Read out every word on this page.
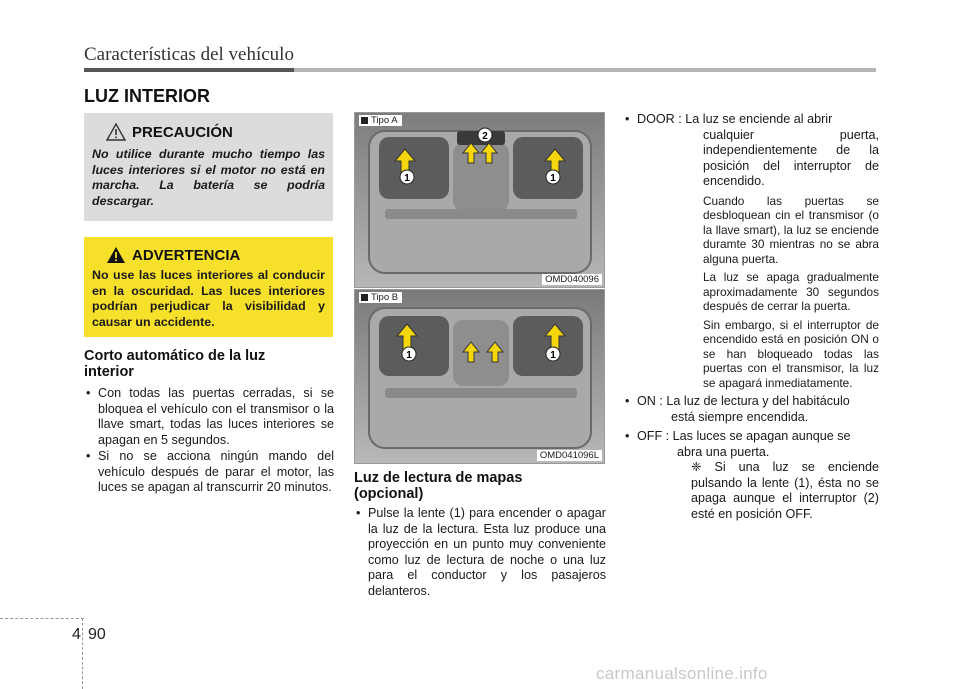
Características del vehículo
LUZ INTERIOR
PRECAUCIÓN
No utilice durante mucho tiempo las luces interiores si el motor no está en marcha. La batería se podría descargar.
ADVERTENCIA
No use las luces interiores al conducir en la oscuridad. Las luces interiores podrían perjudicar la visibilidad y causar un accidente.
Corto automático de la luz
interior
• Con todas las puertas cerradas, si se bloquea el vehículo con el transmisor o la llave smart, todas las luces interiores se apagan en 5 segundos.
• Si no se acciona ningún mando del vehículo después de parar el motor, las luces se apagan al transcurrir 20 minutos.
1
2
1
Tipo A
OMD040096
1	1
Tipo B
OMD041096L
Luz de lectura de mapas
(opcional)
• Pulse la lente (1) para encender o apagar la luz de la lectura. Esta luz produce una proyección en un punto muy conveniente como luz de lectura de noche o una luz para el conductor y los pasajeros delanteros.
• DOOR : La luz se enciende al abrir
cualquier puerta, independientemente de la posición del interruptor de encendido.
Cuando las puertas se desbloquean cin el transmisor (o la llave smart), la luz se enciende duramte 30 mientras no se abra alguna puerta.
La luz se apaga gradualmente aproximadamente 30 segundos después de cerrar la puerta.
Sin embargo, si el interruptor de encendido está en posición ON o se han bloqueado todas las puertas con el transmisor, la luz se apagará inmediatamente.
• ON : La luz de lectura y del habitáculo
está siempre encendida.
• OFF : Las luces se apagan aunque se
abra una puerta.
❈ Si una luz se enciende pulsando la lente (1), ésta no se apaga aunque el interruptor (2) esté en posición OFF.
4 90
carmanualsonline.info
